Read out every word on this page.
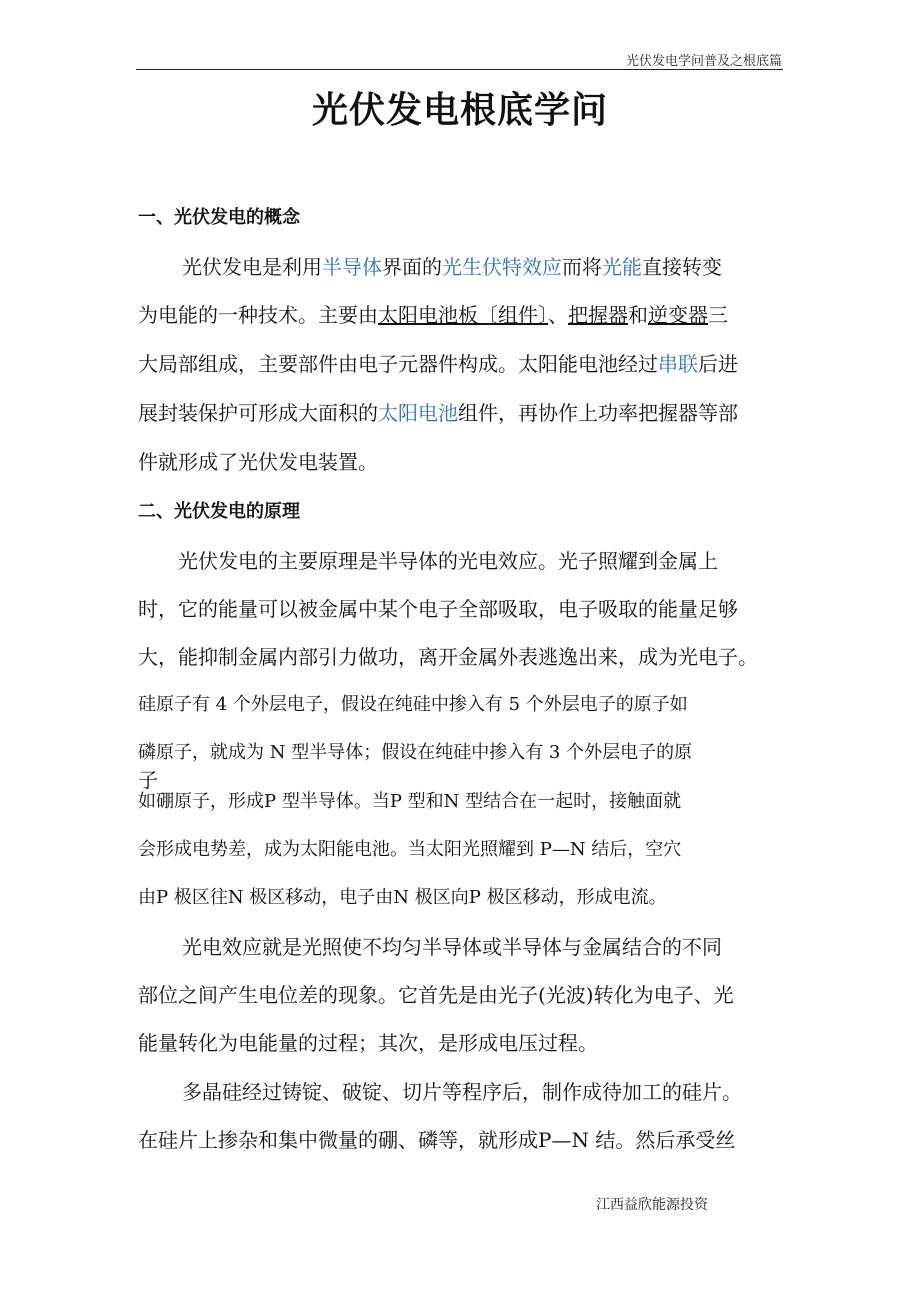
光伏发电学问普及之根底篇
光伏发电根底学问
一、光伏发电的概念
光伏发电是利用半导体界面的光生伏特效应而将光能直接转变
为电能的一种技术。主要由太阳电池板〔组件〕、把握器和逆变器三
大局部组成，主要部件由电子元器件构成。太阳能电池经过串联后进
展封装保护可形成大面积的太阳电池组件，再协作上功率把握器等部
件就形成了光伏发电装置。
二、光伏发电的原理
光伏发电的主要原理是半导体的光电效应。光子照耀到金属上
时，它的能量可以被金属中某个电子全部吸取，电子吸取的能量足够
大，能抑制金属内部引力做功，离开金属外表逃逸出来，成为光电子。
硅原子有 4 个外层电子，假设在纯硅中掺入有 5 个外层电子的原子如
磷原子，就成为 N 型半导体；假设在纯硅中掺入有 3 个外层电子的原
子
如硼原子，形成P 型半导体。当P 型和N 型结合在一起时，接触面就
会形成电势差，成为太阳能电池。当太阳光照耀到 P—N 结后，空穴
由P 极区往N 极区移动，电子由N 极区向P 极区移动，形成电流。
光电效应就是光照使不均匀半导体或半导体与金属结合的不同
部位之间产生电位差的现象。它首先是由光子(光波)转化为电子、光
能量转化为电能量的过程；其次，是形成电压过程。
多晶硅经过铸锭、破锭、切片等程序后，制作成待加工的硅片。
在硅片上掺杂和集中微量的硼、磷等，就形成P—N 结。然后承受丝
江西益欣能源投资
